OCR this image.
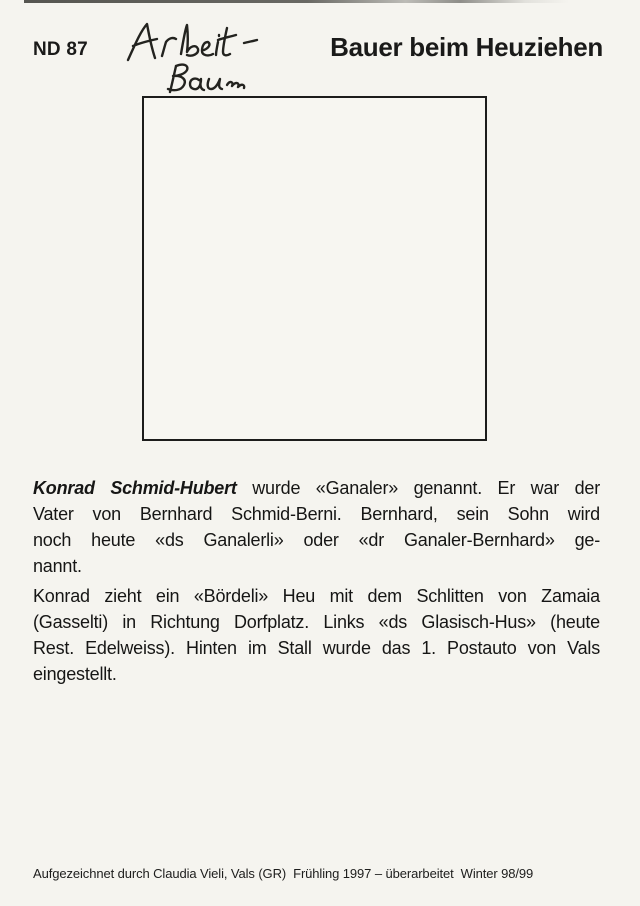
ND 87	Bauer beim Heuziehen
Konrad Schmid-Hubert wurde «Ganaler» genannt. Er war der
Vater von Bernhard Schmid-Berni. Bernhard, sein Sohn wird
noch heute «ds Ganalerli» oder «dr Ganaler-Bernhard» ge-
nannt.
Konrad zieht ein «Bördeli» Heu mit dem Schlitten von Zamaia
(Gasselti) in Richtung Dorfplatz. Links «ds Glasisch-Hus» (heute
Rest. Edelweiss). Hinten im Stall wurde das 1. Postauto von Vals
eingestellt.
Aufgezeichnet durch Claudia Vieli, Vals (GR)  Frühling 1997 – überarbeitet  Winter 98/99
